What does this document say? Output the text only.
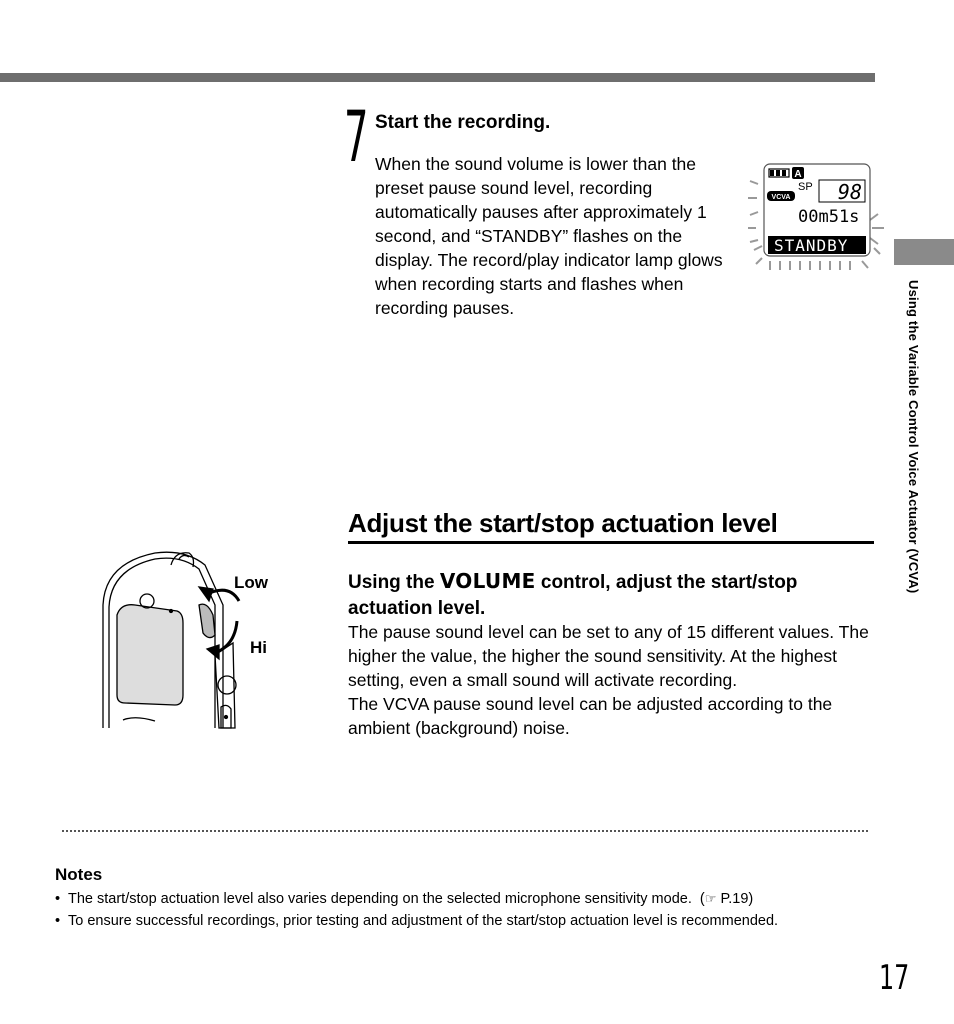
Using the Variable Control Voice Actuator (VCVA)
7 Start the recording.
When the sound volume is lower than the preset pause sound level, recording automatically pauses after approximately 1 second, and “STANDBY” flashes on the display. The record/play indicator lamp glows when recording starts and flashes when recording pauses.
A
SP
VCVA 98
00m51s
STANDBY
Adjust the start/stop actuation level
Using the VOLUME control, adjust the start/stop actuation level.
The pause sound level can be set to any of 15 different values. The higher the value, the higher the sound sensitivity. At the highest setting, even a small sound will activate recording.
The VCVA pause sound level can be adjusted according to the ambient (background) noise.
Low
Hi
Notes
• The start/stop actuation level also varies depending on the selected microphone sensitivity mode. (☞ P.19)
• To ensure successful recordings, prior testing and adjustment of the start/stop actuation level is recommended.
17
